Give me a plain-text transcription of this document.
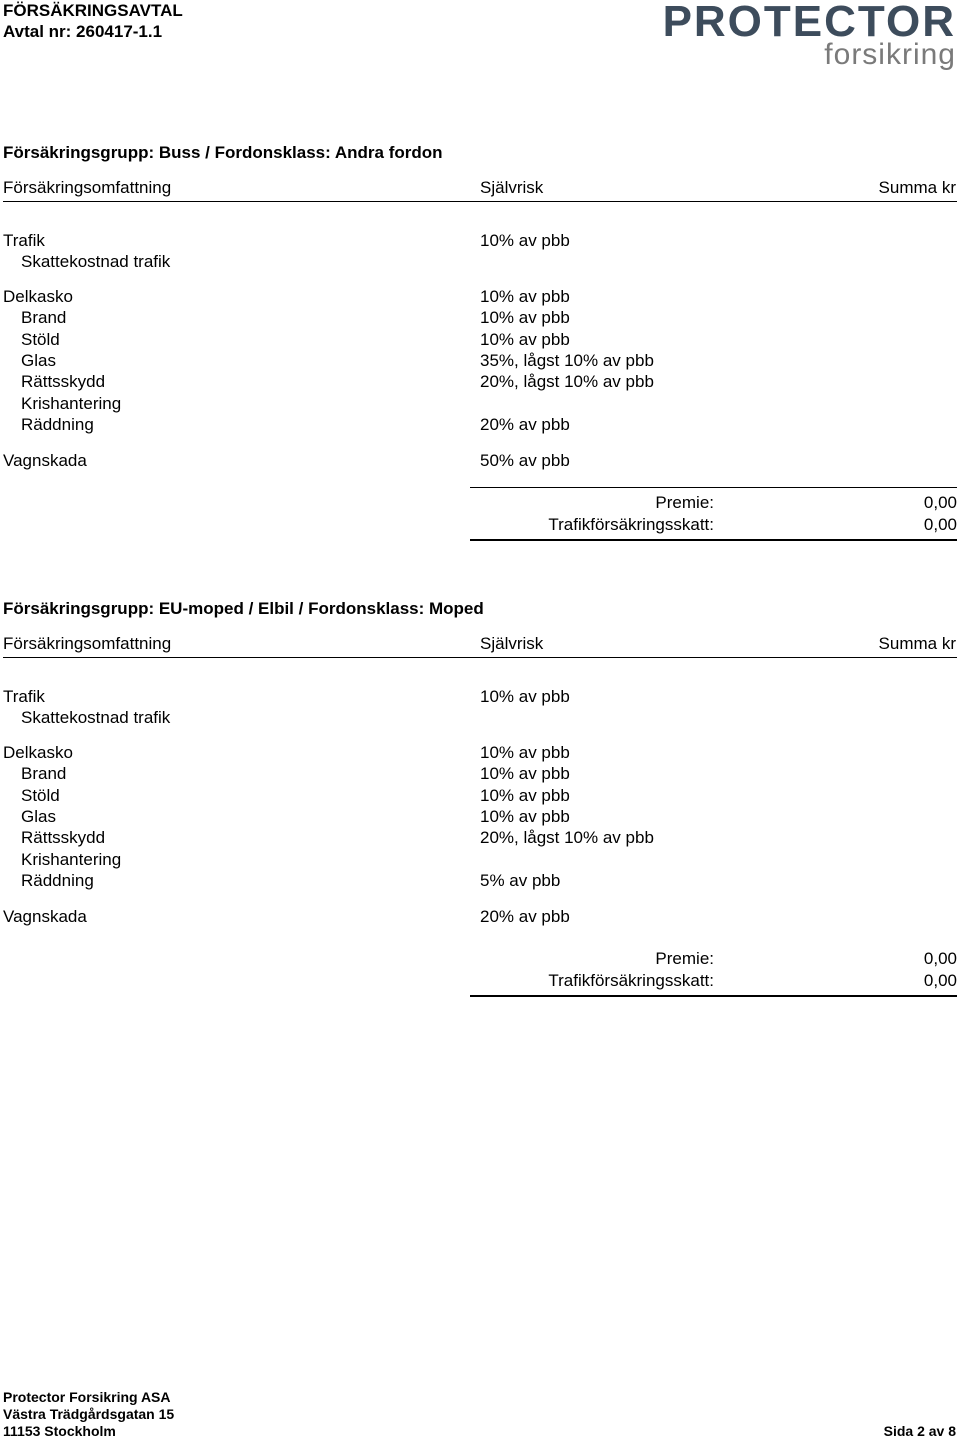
FÖRSÄKRINGSAVTAL
Avtal nr: 260417-1.1	PROTECTOR
forsikring
Försäkringsgrupp: Buss / Fordonsklass: Andra fordon
Försäkringsomfattning	Självrisk	Summa kr
Trafik	10% av pbb
Skattekostnad trafik
Delkasko	10% av pbb
Brand	10% av pbb
Stöld	10% av pbb
Glas	35%, lågst 10% av pbb
Rättsskydd	20%, lågst 10% av pbb
Krishantering
Räddning	20% av pbb
Vagnskada	50% av pbb
Premie:	0,00
Trafikförsäkringsskatt:	0,00
Försäkringsgrupp: EU-moped / Elbil / Fordonsklass: Moped
Försäkringsomfattning	Självrisk	Summa kr
Trafik	10% av pbb
Skattekostnad trafik
Delkasko	10% av pbb
Brand	10% av pbb
Stöld	10% av pbb
Glas	10% av pbb
Rättsskydd	20%, lågst 10% av pbb
Krishantering
Räddning	5% av pbb
Vagnskada	20% av pbb
Premie:	0,00
Trafikförsäkringsskatt:	0,00
Protector Forsikring ASA
Västra Trädgårdsgatan 15
11153 Stockholm	Sida 2 av 8
